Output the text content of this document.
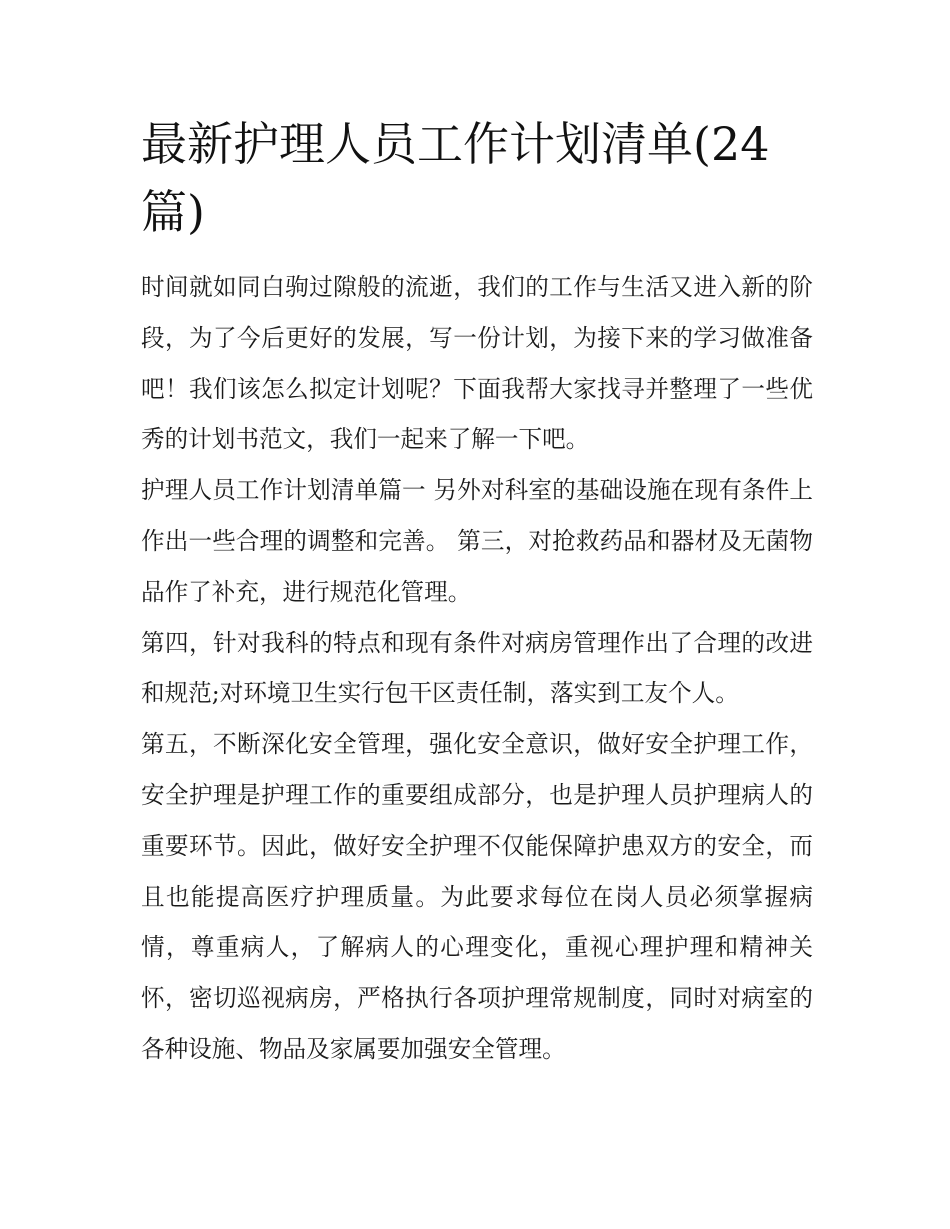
最新护理人员工作计划清单(24篇)

时间就如同白驹过隙般的流逝，我们的工作与生活又进入新的阶段，为了今后更好的发展，写一份计划，为接下来的学习做准备吧！我们该怎么拟定计划呢？下面我帮大家找寻并整理了一些优秀的计划书范文，我们一起来了解一下吧。

护理人员工作计划清单篇一 另外对科室的基础设施在现有条件上作出一些合理的调整和完善。 第三，对抢救药品和器材及无菌物品作了补充，进行规范化管理。

第四，针对我科的特点和现有条件对病房管理作出了合理的改进和规范;对环境卫生实行包干区责任制，落实到工友个人。

第五，不断深化安全管理，强化安全意识，做好安全护理工作，安全护理是护理工作的重要组成部分，也是护理人员护理病人的重要环节。因此，做好安全护理不仅能保障护患双方的安全，而且也能提高医疗护理质量。为此要求每位在岗人员必须掌握病情，尊重病人，了解病人的心理变化，重视心理护理和精神关怀，密切巡视病房，严格执行各项护理常规制度，同时对病室的各种设施、物品及家属要加强安全管理。
